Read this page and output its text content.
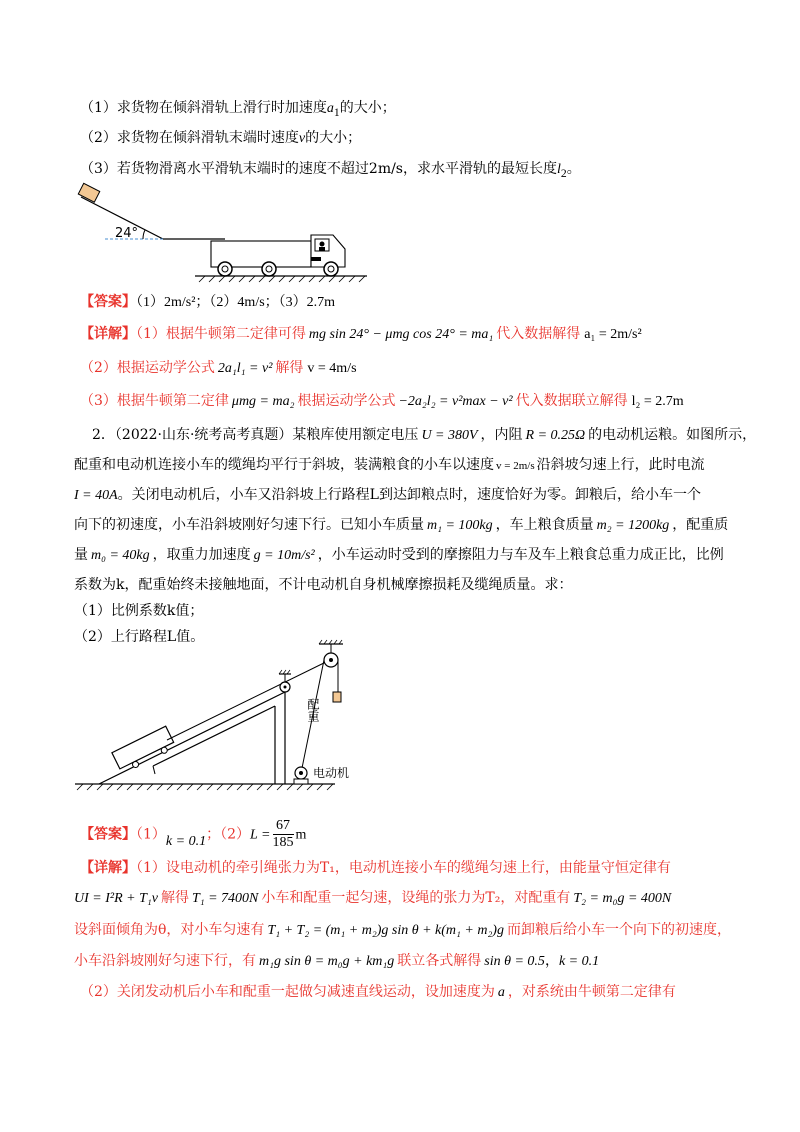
（1）求货物在倾斜滑轨上滑行时加速度$a_1$的大小；
（2）求货物在倾斜滑轨末端时速度v的大小；
（3）若货物滑离水平滑轨末端时的速度不超过2m/s，求水平滑轨的最短长度$l_2$。
24°
【答案】（1）2m/s²；（2）4m/s；（3）2.7m
【详解】（1）根据牛顿第二定律可得 mg sin 24° − μmg cos 24° = ma₁ 代入数据解得 a₁ = 2m/s²
（2）根据运动学公式 2a₁l₁ = v² 解得 v = 4m/s
（3）根据牛顿第二定律 μmg = ma₂ 根据运动学公式 −2a₂l₂ = v²max − v² 代入数据联立解得 l₂ = 2.7m
2．（2022·山东·统考高考真题）某粮库使用额定电压 U = 380V ，内阻 R = 0.25Ω 的电动机运粮。如图所示，
配重和电动机连接小车的缆绳均平行于斜坡，装满粮食的小车以速度 v = 2m/s 沿斜坡匀速上行，此时电流
I = 40A。关闭电动机后，小车又沿斜坡上行路程L到达卸粮点时，速度恰好为零。卸粮后，给小车一个
向下的初速度，小车沿斜坡刚好匀速下行。已知小车质量 m₁ = 100kg ，车上粮食质量 m₂ = 1200kg ，配重质
量 m₀ = 40kg ，取重力加速度 g = 10m/s² ，小车运动时受到的摩擦阻力与车及车上粮食总重力成正比，比例
系数为k，配重始终未接触地面，不计电动机自身机械摩擦损耗及缆绳质量。求：
（1）比例系数k值；
（2）上行路程L值。
配重
电动机
【答案】（1）k = 0.1；$(2)L = \frac{67}{185}$ m
【详解】（1）设电动机的牵引绳张力为T₁，电动机连接小车的缆绳匀速上行，由能量守恒定律有
UI = I²R + T₁v 解得 T₁ = 7400N 小车和配重一起匀速，设绳的张力为T₂，对配重有 T₂ = m₀g = 400N
设斜面倾角为θ，对小车匀速有 T₁ + T₂ = (m₁ + m₂)g sin θ + k(m₁ + m₂)g 而卸粮后给小车一个向下的初速度，
小车沿斜坡刚好匀速下行，有 m₁g sin θ = m₀g + km₁g 联立各式解得 sin θ = 0.5，k = 0.1
（2）关闭发动机后小车和配重一起做匀减速直线运动，设加速度为 a ，对系统由牛顿第二定律有
